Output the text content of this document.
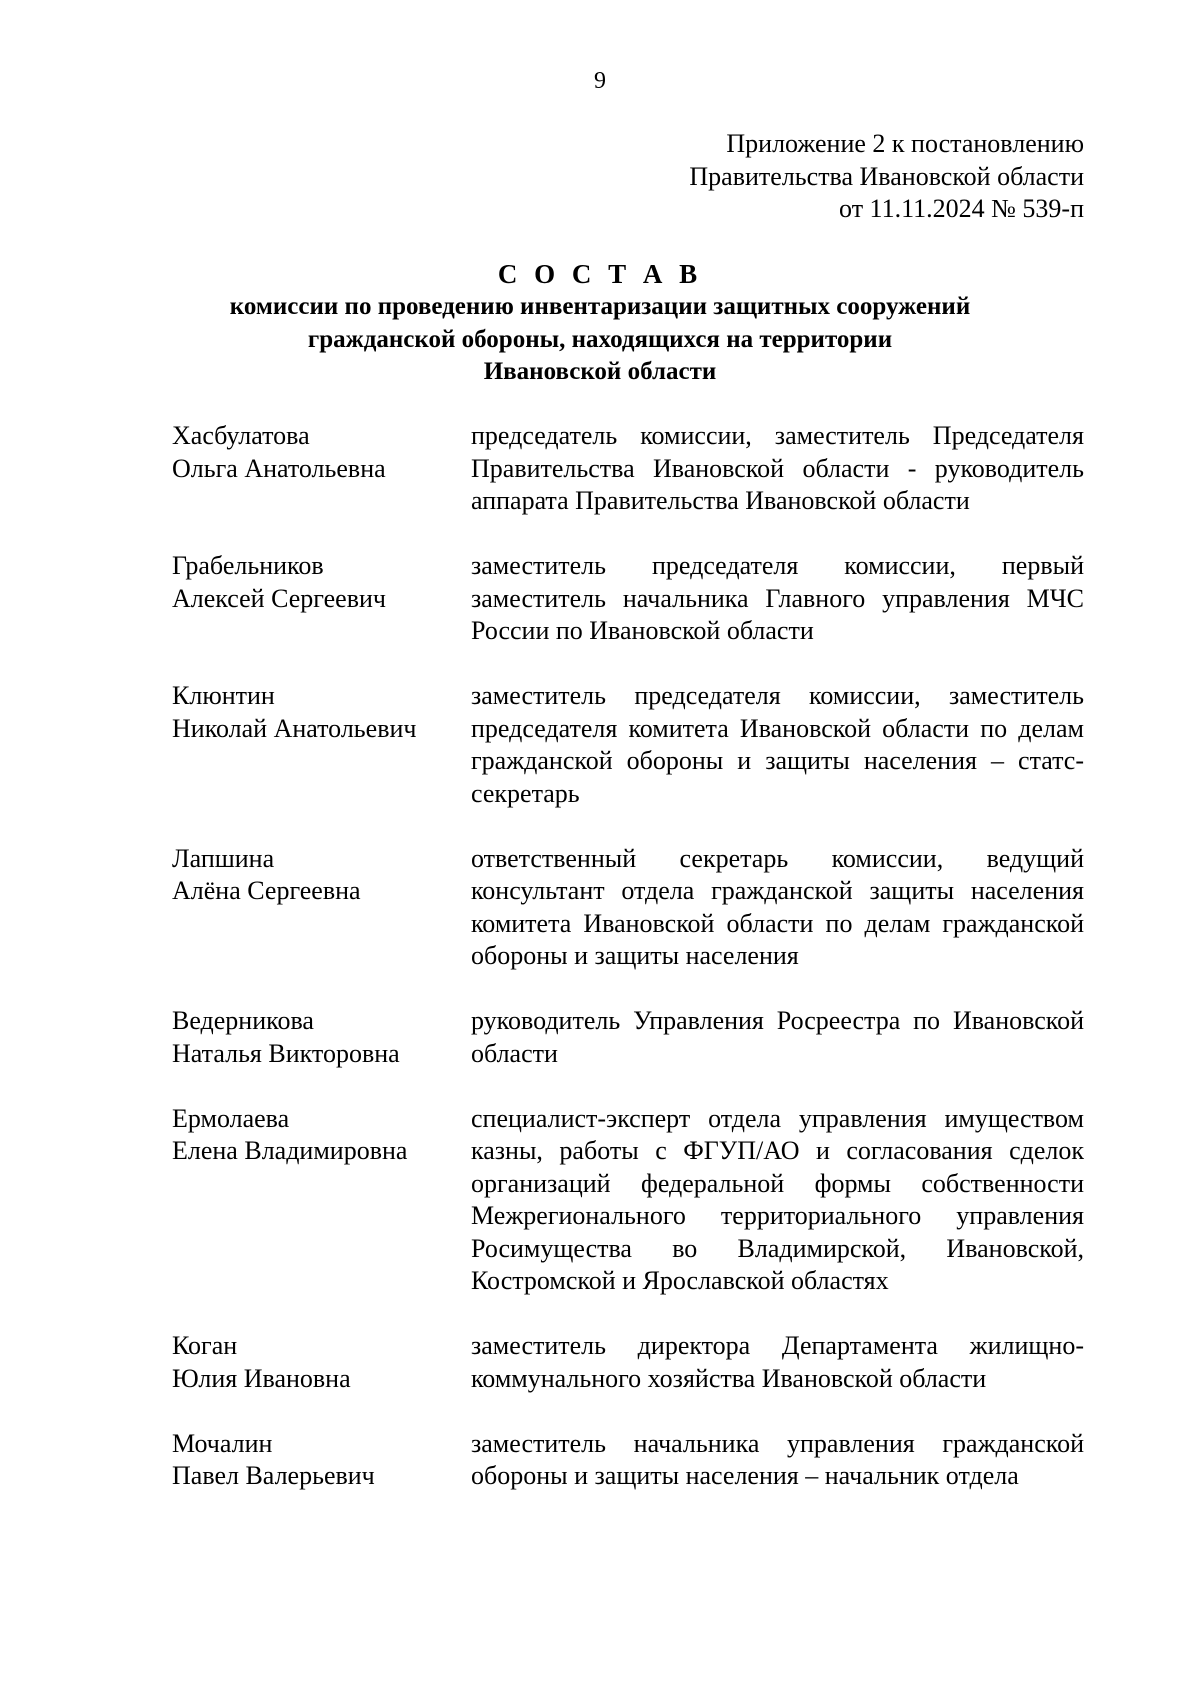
9
Приложение 2 к постановлению
Правительства Ивановской области
от 11.11.2024 № 539-п
С О С Т А В
комиссии по проведению инвентаризации защитных сооружений
гражданской обороны, находящихся на территории
Ивановской области
Хасбулатова
Ольга Анатольевна
председатель комиссии, заместитель Председателя Правительства Ивановской области - руководитель аппарата Правительства Ивановской области
Грабельников
Алексей Сергеевич
заместитель председателя комиссии, первый заместитель начальника Главного управления МЧС России по Ивановской области
Клюнтин
Николай Анатольевич
заместитель председателя комиссии, заместитель председателя комитета Ивановской области по делам гражданской обороны и защиты населения – статс-секретарь
Лапшина
Алёна Сергеевна
ответственный секретарь комиссии, ведущий консультант отдела гражданской защиты населения комитета Ивановской области по делам гражданской обороны и защиты населения
Ведерникова
Наталья Викторовна
руководитель Управления Росреестра по Ивановской области
Ермолаева
Елена Владимировна
специалист-эксперт отдела управления имуществом казны, работы с ФГУП/АО и согласования сделок организаций федеральной формы собственности Межрегионального территориального управления Росимущества во Владимирской, Ивановской, Костромской и Ярославской областях
Коган
Юлия Ивановна
заместитель директора Департамента жилищно-коммунального хозяйства Ивановской области
Мочалин
Павел Валерьевич
заместитель начальника управления гражданской обороны и защиты населения – начальник отдела
